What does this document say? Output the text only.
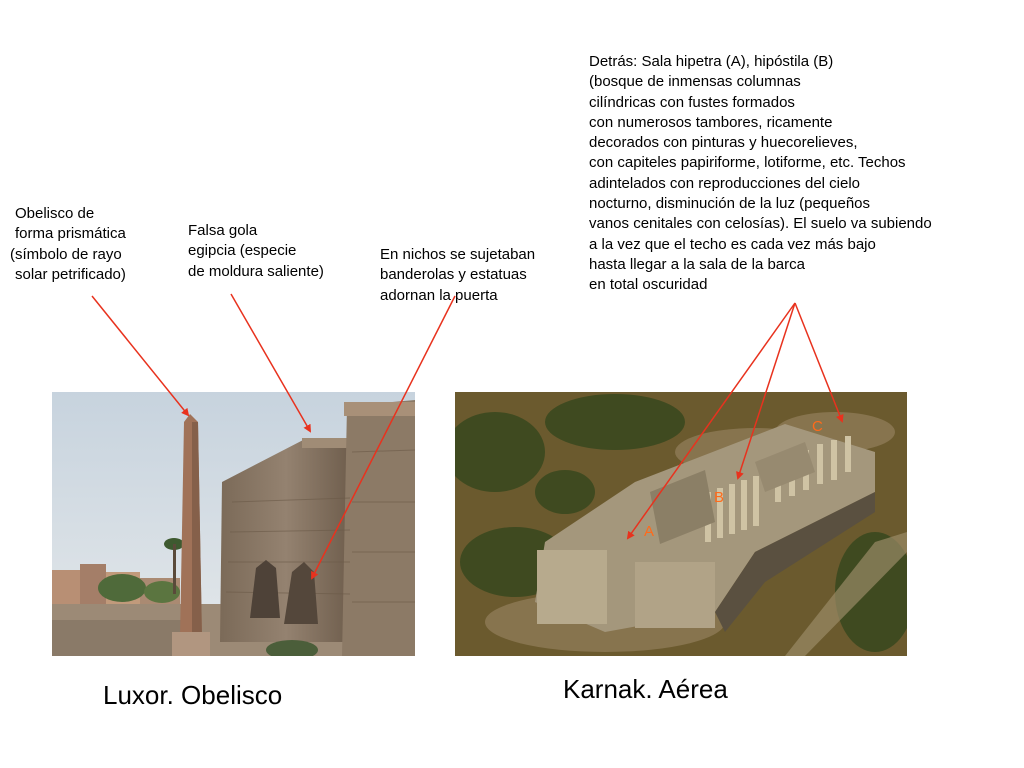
Obelisco de
forma prismática
(símbolo de rayo
solar petrificado)
Falsa gola
egipcia (especie
de moldura saliente)
En nichos se sujetaban
banderolas y estatuas
adornan la puerta
Detrás: Sala hipetra (A), hipóstila (B)
(bosque de inmensas columnas
cilíndricas con fustes formados
con numerosos tambores, ricamente
decorados con pinturas y huecorelieves,
con capiteles papiriforme, lotiforme, etc. Techos
adintelados con reproducciones del cielo
nocturno, disminución de la luz (pequeños
vanos cenitales con celosías). El suelo va subiendo
a la vez que el techo es cada vez más bajo
hasta llegar a la sala de la barca
en total oscuridad
A
B
C
Luxor. Obelisco	Karnak. Aérea
